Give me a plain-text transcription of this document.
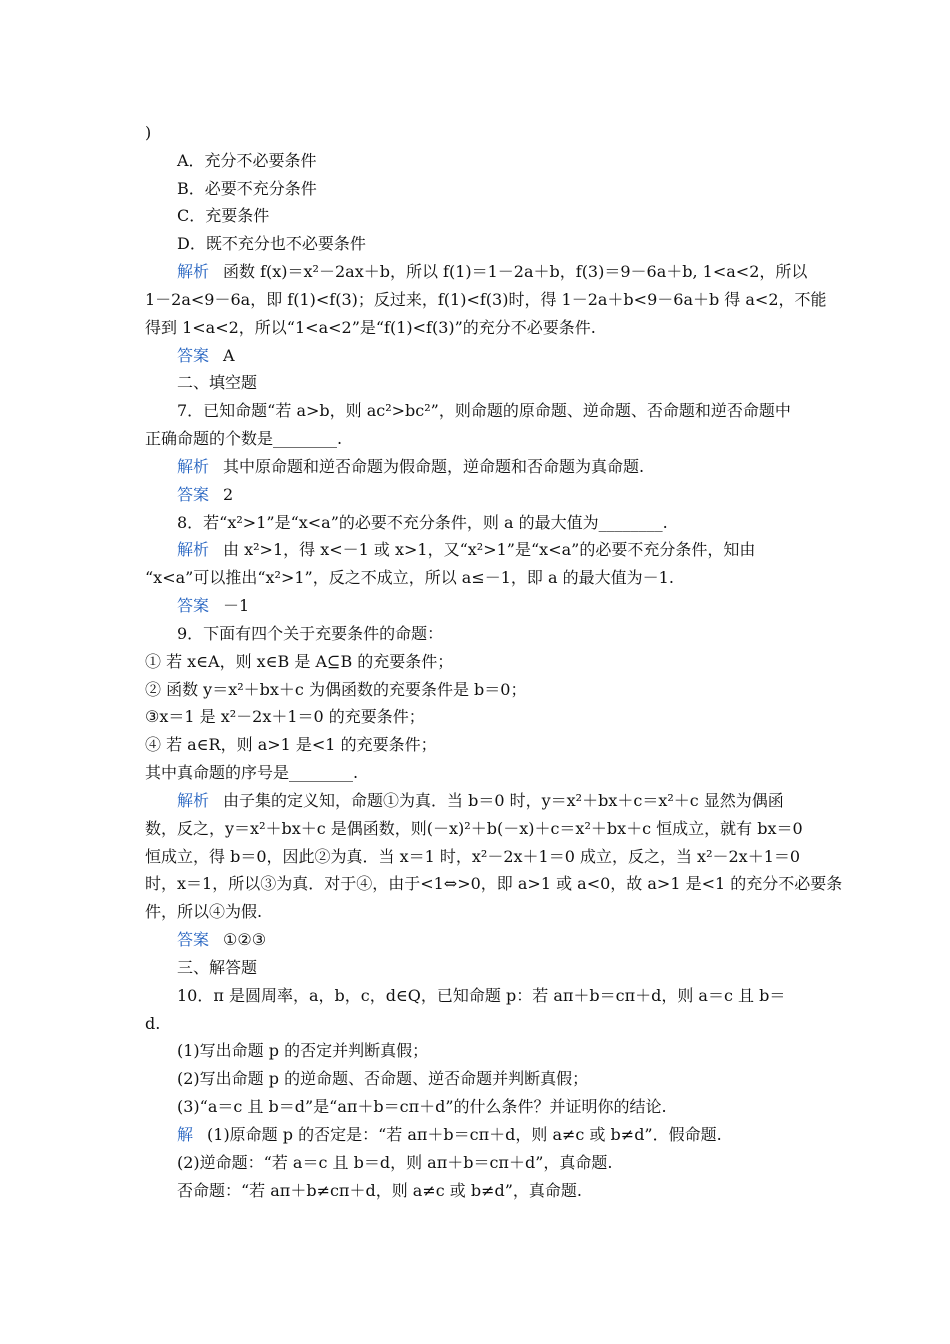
)
A．充分不必要条件
B．必要不充分条件
C．充要条件
D．既不充分也不必要条件
解析 函数 f(x)＝x²－2ax＋b，所以 f(1)＝1－2a＋b，f(3)＝9－6a＋b, 1<a<2，所以
1－2a<9－6a，即 f(1)<f(3)；反过来，f(1)<f(3)时，得 1－2a＋b<9－6a＋b 得 a<2，不能
得到 1<a<2，所以“1<a<2”是“f(1)<f(3)”的充分不必要条件.
答案 A
二、填空题
7．已知命题“若 a>b，则 ac²>bc²”，则命题的原命题、逆命题、否命题和逆否命题中
正确命题的个数是________.
解析 其中原命题和逆否命题为假命题，逆命题和否命题为真命题.
答案 2
8．若“x²>1”是“x<a”的必要不充分条件，则 a 的最大值为________.
解析 由 x²>1，得 x<－1 或 x>1，又“x²>1”是“x<a”的必要不充分条件，知由
“x<a”可以推出“x²>1”，反之不成立，所以 a≤－1，即 a 的最大值为－1.
答案 －1
9．下面有四个关于充要条件的命题：
① 若 x∈A，则 x∈B 是 A⊆B 的充要条件；
② 函数 y＝x²＋bx＋c 为偶函数的充要条件是 b＝0；
③x＝1 是 x²－2x＋1＝0 的充要条件；
④ 若 a∈R，则 a>1 是<1 的充要条件；
其中真命题的序号是________.
解析 由子集的定义知，命题①为真．当 b＝0 时，y＝x²＋bx＋c＝x²＋c 显然为偶函
数，反之，y＝x²＋bx＋c 是偶函数，则(－x)²＋b(－x)＋c＝x²＋bx＋c 恒成立，就有 bx＝0
恒成立，得 b＝0，因此②为真．当 x＝1 时，x²－2x＋1＝0 成立，反之，当 x²－2x＋1＝0
时，x＝1，所以③为真．对于④，由于<1⇔>0，即 a>1 或 a<0，故 a>1 是<1 的充分不必要条
件，所以④为假.
答案 ①②③
三、解答题
10．π 是圆周率，a，b，c，d∈Q，已知命题 p：若 aπ＋b＝cπ＋d，则 a＝c 且 b＝
d.
(1)写出命题 p 的否定并判断真假；
(2)写出命题 p 的逆命题、否命题、逆否命题并判断真假；
(3)“a＝c 且 b＝d”是“aπ＋b＝cπ＋d”的什么条件？并证明你的结论.
解 (1)原命题 p 的否定是：“若 aπ＋b＝cπ＋d，则 a≠c 或 b≠d”．假命题.
(2)逆命题：“若 a＝c 且 b＝d，则 aπ＋b＝cπ＋d”，真命题.
否命题：“若 aπ＋b≠cπ＋d，则 a≠c 或 b≠d”，真命题.
